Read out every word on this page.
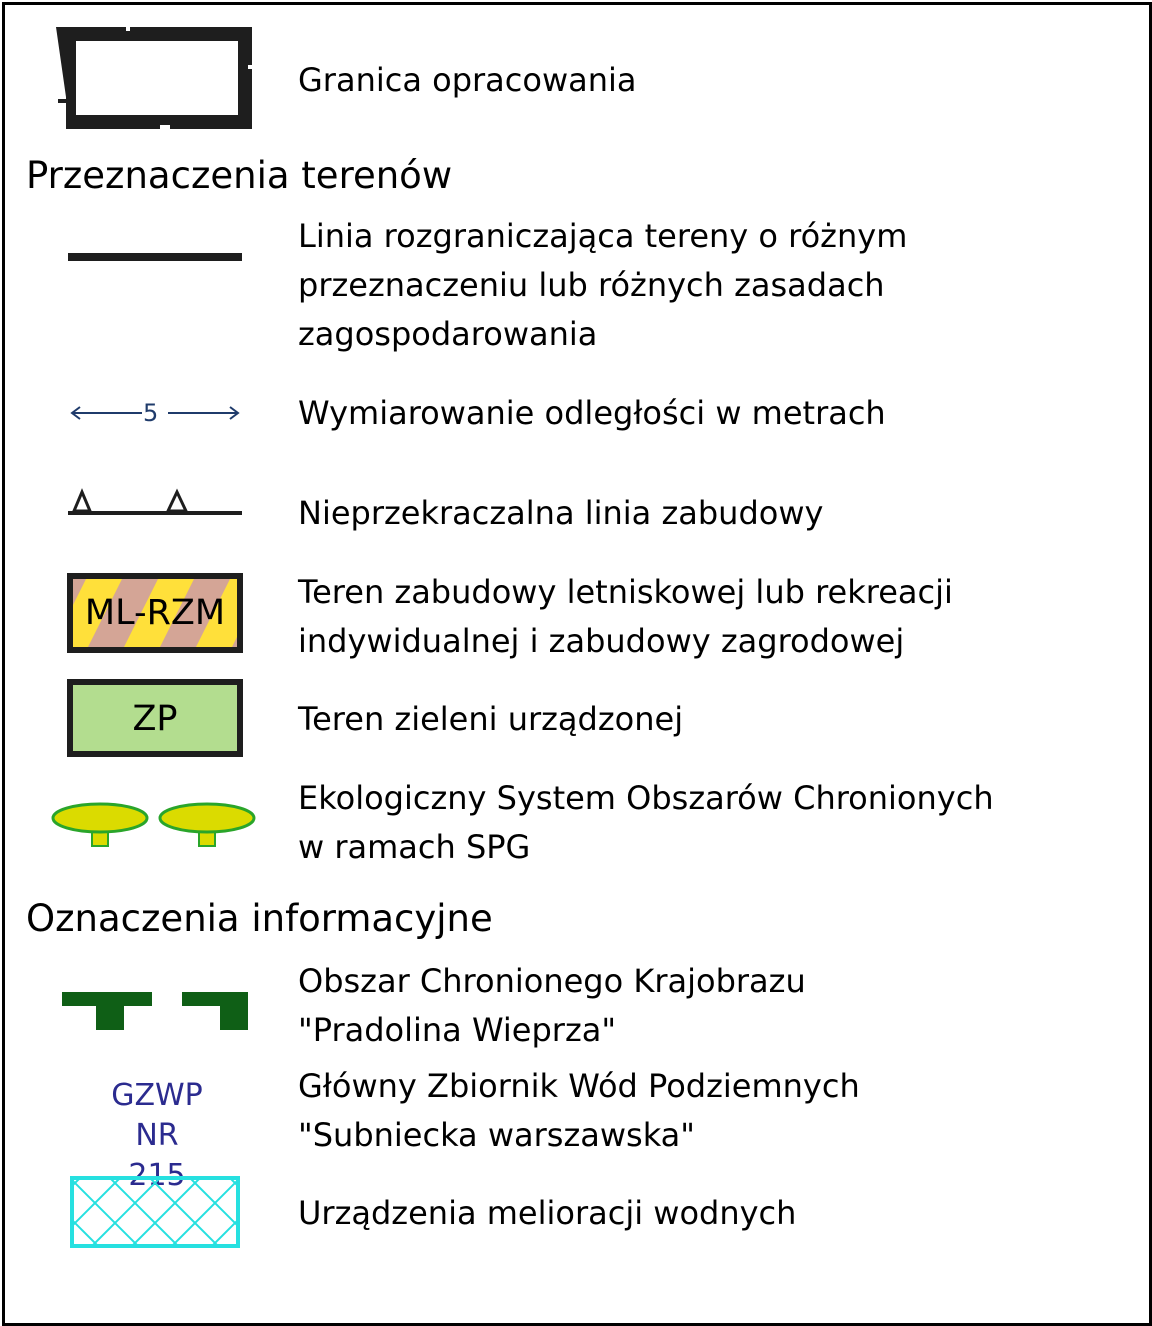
Granica opracowania
Przeznaczenia terenów
Linia rozgraniczająca tereny o różnym
przeznaczeniu lub różnych zasadach
zagospodarowania
5	Wymiarowanie odległości w metrach
Nieprzekraczalna linia zabudowy
ML-RZM
Teren zabudowy letniskowej lub rekreacji
indywidualnej i zabudowy zagrodowej
ZP	Teren zieleni urządzonej
Ekologiczny System Obszarów Chronionych
w ramach SPG
Oznaczenia informacyjne
Obszar Chronionego Krajobrazu
"Pradolina Wieprza"
GZWP
NR
215
Główny Zbiornik Wód Podziemnych
"Subniecka warszawska"
Urządzenia melioracji wodnych
